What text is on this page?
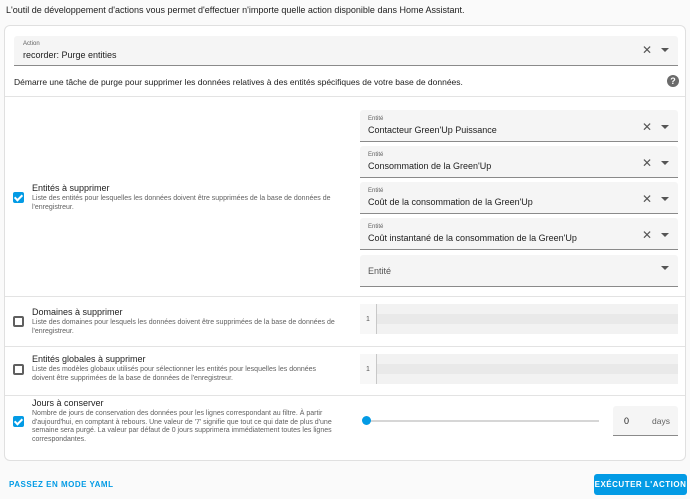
L'outil de développement d'actions vous permet d'effectuer n'importe quelle action disponible dans Home Assistant.
Action
recorder: Purge entities	✕
Démarre une tâche de purge pour supprimer les données relatives à des entités spécifiques de votre base de données.	?
Entités à supprimer
Liste des entités pour lesquelles les données doivent être supprimées de la base de données de l'enregistreur.
Entité
Contacteur Green'Up Puissance	✕
Entité
Consommation de la Green'Up	✕
Entité
Coût de la consommation de la Green'Up	✕
Entité
Coût instantané de la consommation de la Green'Up	✕
Entité
Domaines à supprimer
Liste des domaines pour lesquels les données doivent être supprimées de la base de données de l'enregistreur.
1
Entités globales à supprimer
Liste des modèles globaux utilisés pour sélectionner les entités pour lesquelles les données doivent être supprimées de la base de données de l'enregistreur.
1
Jours à conserver
Nombre de jours de conservation des données pour les lignes correspondant au filtre. À partir d'aujourd'hui, en comptant à rebours. Une valeur de '7' signifie que tout ce qui date de plus d'une semaine sera purgé. La valeur par défaut de 0 jours supprimera immédiatement toutes les lignes correspondantes.
0	days
PASSEZ EN MODE YAML	EXÉCUTER L'ACTION
